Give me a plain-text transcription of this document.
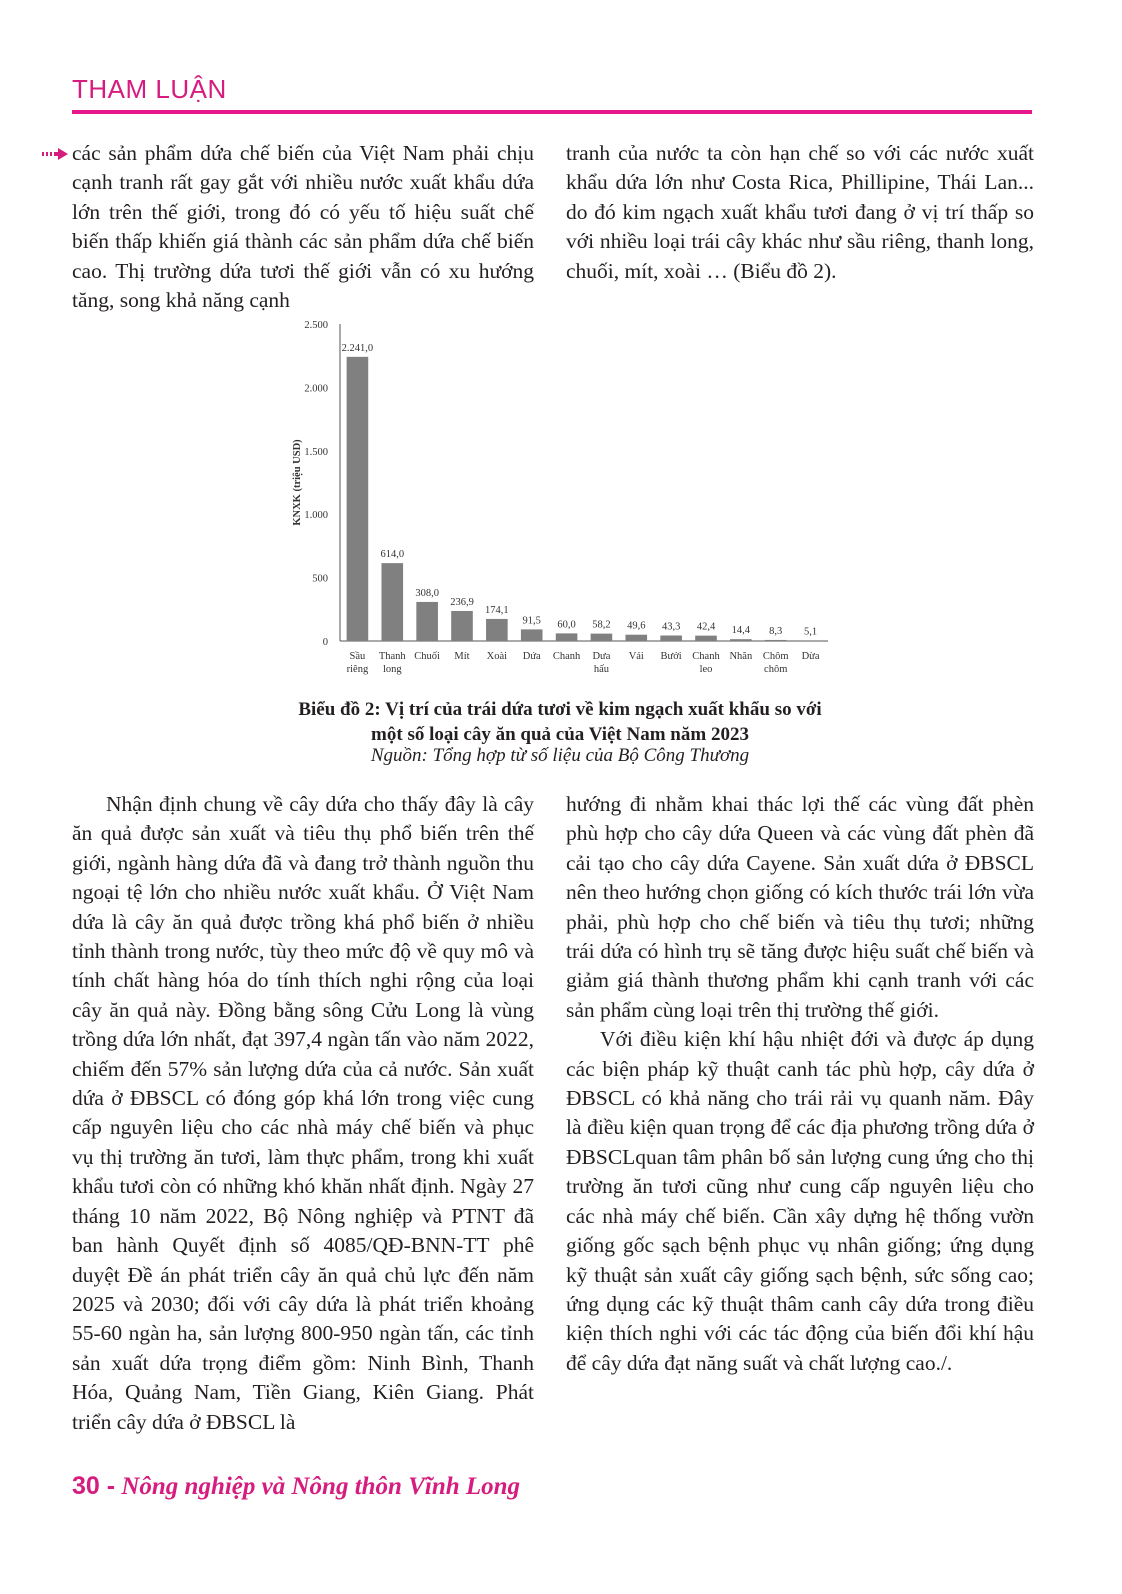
THAM LUẬN

các sản phẩm dứa chế biến của Việt Nam phải chịu cạnh tranh rất gay gắt với nhiều nước xuất khẩu dứa lớn trên thế giới, trong đó có yếu tố hiệu suất chế biến thấp khiến giá thành các sản phẩm dứa chế biến cao. Thị trường dứa tươi thế giới vẫn có xu hướng tăng, song khả năng cạnh

tranh của nước ta còn hạn chế so với các nước xuất khẩu dứa lớn như Costa Rica, Phillipine, Thái Lan... do đó kim ngạch xuất khẩu tươi đang ở vị trí thấp so với nhiều loại trái cây khác như sầu riêng, thanh long, chuối, mít, xoài … (Biểu đồ 2).

2.500
2.000
1.500
1.000
500
0
KNXK (triệu USD)
2.241,0
Sầu
riêng
614,0
Thanh
long
308,0
Chuối
236,9
Mít
174,1
Xoài
91,5
Dứa
60,0
Chanh
58,2
Dưa
hấu
49,6
Vải
43,3
Bưởi
42,4
Chanh
leo
14,4
Nhãn
8,3
Chôm
chôm
5,1
Dừa
Biểu đồ 2: Vị trí của trái dứa tươi về kim ngạch xuất khẩu so với
một số loại cây ăn quả của Việt Nam năm 2023
Nguồn: Tổng hợp từ số liệu của Bộ Công Thương

Nhận định chung về cây dứa cho thấy đây là cây ăn quả được sản xuất và tiêu thụ phổ biến trên thế giới, ngành hàng dứa đã và đang trở thành nguồn thu ngoại tệ lớn cho nhiều nước xuất khẩu. Ở Việt Nam dứa là cây ăn quả được trồng khá phổ biến ở nhiều tỉnh thành trong nước, tùy theo mức độ về quy mô và tính chất hàng hóa do tính thích nghi rộng của loại cây ăn quả này. Đồng bằng sông Cửu Long là vùng trồng dứa lớn nhất, đạt 397,4 ngàn tấn vào năm 2022, chiếm đến 57% sản lượng dứa của cả nước. Sản xuất dứa ở ĐBSCL có đóng góp khá lớn trong việc cung cấp nguyên liệu cho các nhà máy chế biến và phục vụ thị trường ăn tươi, làm thực phẩm, trong khi xuất khẩu tươi còn có những khó khăn nhất định. Ngày 27 tháng 10 năm 2022, Bộ Nông nghiệp và PTNT đã ban hành Quyết định số 4085/QĐ-BNN-TT phê duyệt Đề án phát triển cây ăn quả chủ lực đến năm 2025 và 2030; đối với cây dứa là phát triển khoảng 55-60 ngàn ha, sản lượng 800-950 ngàn tấn, các tỉnh sản xuất dứa trọng điểm gồm: Ninh Bình, Thanh Hóa, Quảng Nam, Tiền Giang, Kiên Giang. Phát triển cây dứa ở ĐBSCL là

hướng đi nhằm khai thác lợi thế các vùng đất phèn phù hợp cho cây dứa Queen và các vùng đất phèn đã cải tạo cho cây dứa Cayene. Sản xuất dứa ở ĐBSCL nên theo hướng chọn giống có kích thước trái lớn vừa phải, phù hợp cho chế biến và tiêu thụ tươi; những trái dứa có hình trụ sẽ tăng được hiệu suất chế biến và giảm giá thành thương phẩm khi cạnh tranh với các sản phẩm cùng loại trên thị trường thế giới.

Với điều kiện khí hậu nhiệt đới và được áp dụng các biện pháp kỹ thuật canh tác phù hợp, cây dứa ở ĐBSCL có khả năng cho trái rải vụ quanh năm. Đây là điều kiện quan trọng để các địa phương trồng dứa ở ĐBSCLquan tâm phân bố sản lượng cung ứng cho thị trường ăn tươi cũng như cung cấp nguyên liệu cho các nhà máy chế biến. Cần xây dựng hệ thống vườn giống gốc sạch bệnh phục vụ nhân giống; ứng dụng kỹ thuật sản xuất cây giống sạch bệnh, sức sống cao; ứng dụng các kỹ thuật thâm canh cây dứa trong điều kiện thích nghi với các tác động của biến đổi khí hậu để cây dứa đạt năng suất và chất lượng cao./.

30 - Nông nghiệp và Nông thôn Vĩnh Long
